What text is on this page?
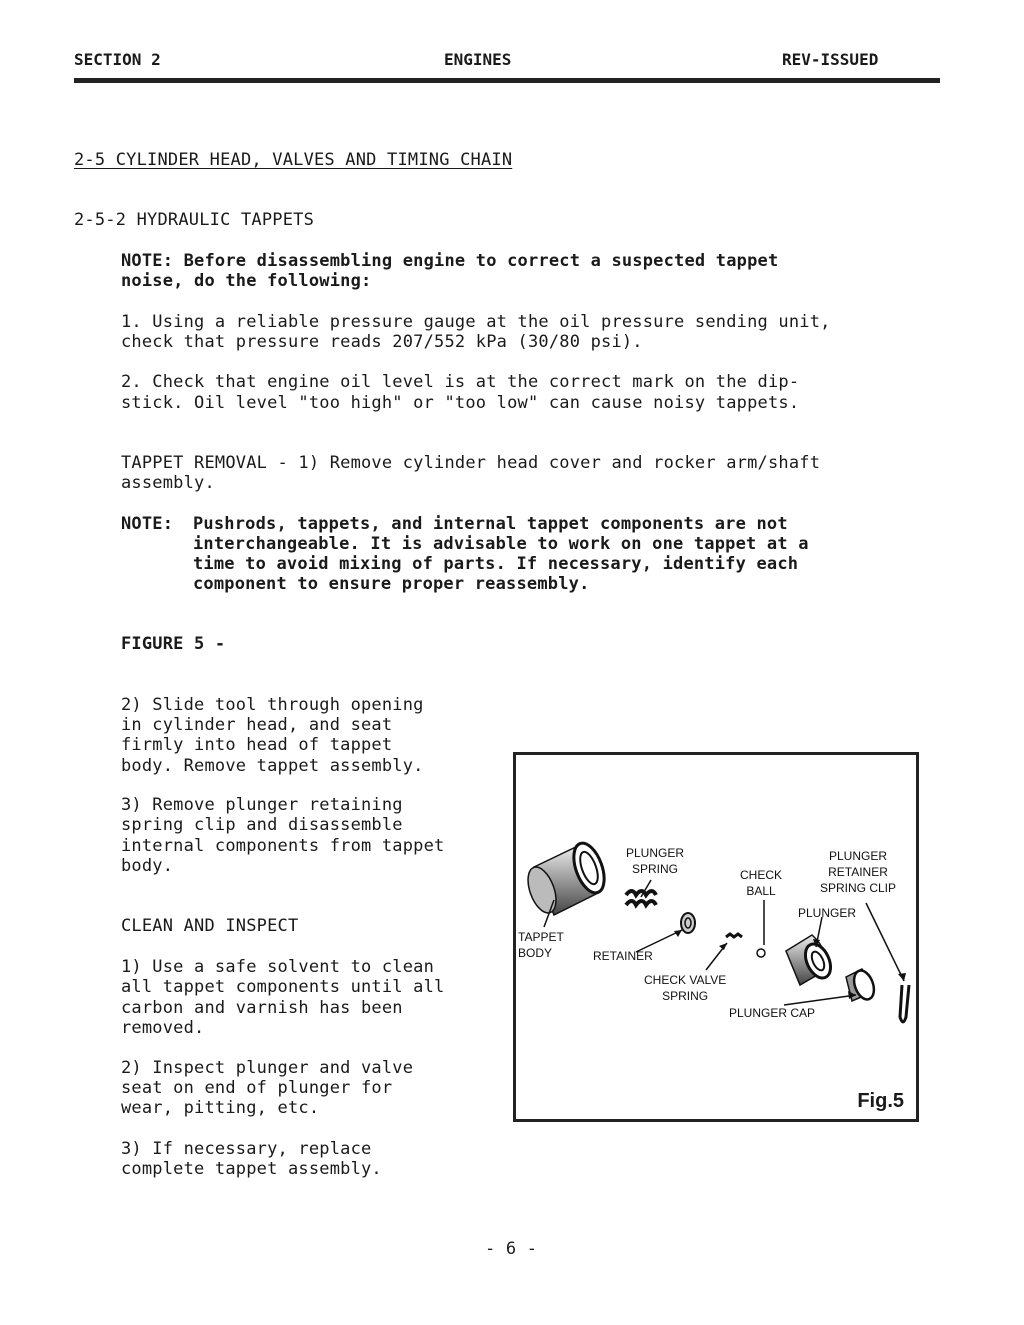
SECTION 2	ENGINES	REV-ISSUED

2-5 CYLINDER HEAD, VALVES AND TIMING CHAIN

2-5-2 HYDRAULIC TAPPETS

NOTE: Before disassembling engine to correct a suspected tappet

noise, do the following:

1. Using a reliable pressure gauge at the oil pressure sending unit,

check that pressure reads 207/552 kPa (30/80 psi).

2. Check that engine oil level is at the correct mark on the dip-

stick. Oil level "too high" or "too low" can cause noisy tappets.

TAPPET REMOVAL - 1) Remove cylinder head cover and rocker arm/shaft

assembly.

NOTE: Pushrods, tappets, and internal tappet components are not

interchangeable. It is advisable to work on one tappet at a

time to avoid mixing of parts. If necessary, identify each

component to ensure proper reassembly.

FIGURE 5 -

2) Slide tool through opening

in cylinder head, and seat

firmly into head of tappet

body. Remove tappet assembly.

3) Remove plunger retaining

spring clip and disassemble

internal components from tappet

body.

CLEAN AND INSPECT

1) Use a safe solvent to clean

all tappet components until all

carbon and varnish has been

removed.

2) Inspect plunger and valve

seat on end of plunger for

wear, pitting, etc.

3) If necessary, replace

complete tappet assembly.

PLUNGER
SPRING	CHECK
BALL
PLUNGER
RETAINER
SPRING CLIP
PLUNGER
TAPPET
BODY	RETAINER
CHECK VALVE
SPRING
PLUNGER CAP
Fig.5

- 6 -
